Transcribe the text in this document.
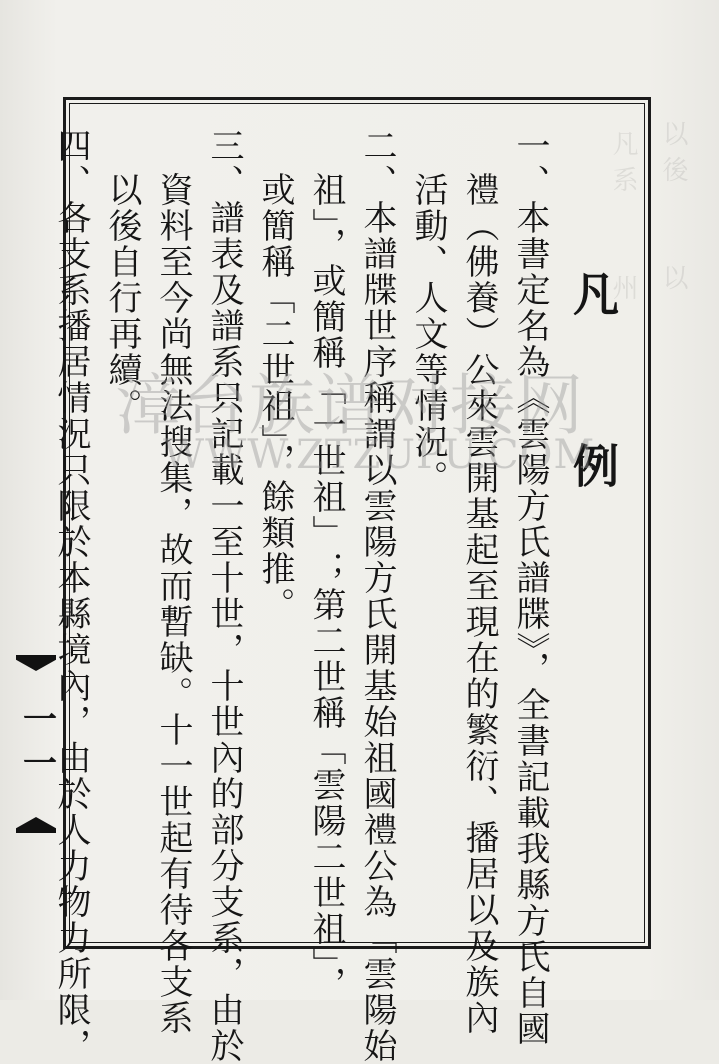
以後　　以
凡系　　州
凡　例
一、本書定名為《雲陽方氏譜牒》，全書記載我縣方氏自國
禮（佛養）公來雲開基起至現在的繁衍、播居以及族內
活動、人文等情況。
二、本譜牒世序稱謂以雲陽方氏開基始祖國禮公為「雲陽始
祖」，或簡稱「一世祖」；第二世稱「雲陽二世祖」，
或簡稱「二世祖」，餘類推。
三、譜表及譜系只記載一至十世，十世內的部分支系，由於
資料至今尚無法搜集，故而暫缺。十一世起有待各支系
以後自行再續。
漳台族谱对接网
WWW.ZTZUPU.COM
一一
四、各支系播居情況只限於本縣境內，由於人力物力所限，
